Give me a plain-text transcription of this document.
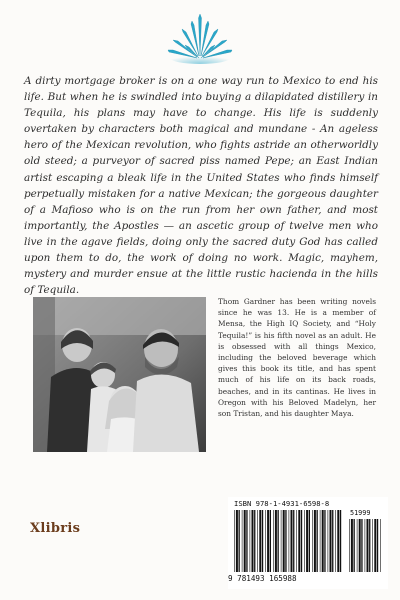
A dirty mortgage broker is on a one way run to Mexico to end his life. But when he is swindled into buying a dilapidated distillery in Tequila, his plans may have to change. His life is suddenly overtaken by characters both magical and mundane - An ageless hero of the Mexican revolution, who fights astride an otherworldly old steed; a purveyor of sacred piss named Pepe; an East Indian artist escaping a bleak life in the United States who finds himself perpetually mistaken for a native Mexican; the gorgeous daughter of a Mafioso who is on the run from her own father, and most importantly, the Apostles — an ascetic group of twelve men who live in the agave fields, doing only the sacred duty God has called upon them to do, the work of doing no work. Magic, mayhem, mystery and murder ensue at the little rustic hacienda in the hills of Tequila.

Thom Gardner has been writing novels since he was 13. He is a member of Mensa, the High IQ Society, and “Holy Tequila!” is his fifth novel as an adult. He is obsessed with all things Mexico, including the beloved beverage which gives this book its title, and has spent much of his life on its back roads, beaches, and in its cantinas. He lives in Oregon with his Beloved Madelyn, her son Tristan, and his daughter Maya.

Xlibris
ISBN 978-1-4931-6598-8
51999
9 781493 165988
